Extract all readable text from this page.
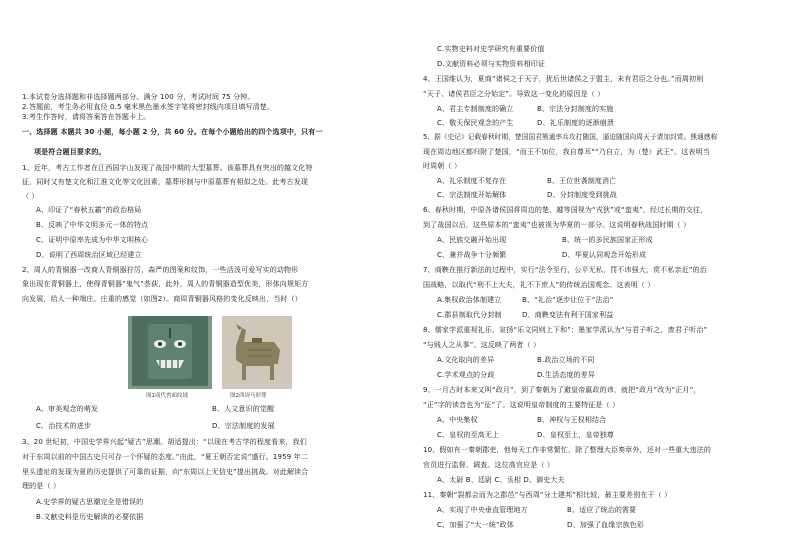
1.本试卷分选择题和非选择题两部分。满分 100 分，考试时间 75 分钟。
2.答题前，考生务必用直径 0.5 毫米黑色墨水签字笔将密封线内项目填写清楚。
3.考生作答时，请将答案答在答题卡上。
一、选择题 本题共 30 小题，每小题 2 分，共 60 分。在每个小题给出的四个选项中，只有一
项是符合题目要求的。
1、近年，考古工作者在江西国字山发现了战国中期的大型墓葬。该墓葬具有突出的越文化特
征，同时又有楚文化和江淮文化等文化因素，墓葬形制与中原墓葬有相似之处。此考古发现
（ ）
A、印证了“春秋五霸”的政治格局
B、反映了中华文明多元一体的特点
C、证明中原率先成为中华文明核心
D、说明了西周统治区域已经建立
2、周人的青铜器一改商人青铜器狞厉、森严的图案和纹饰，一些活泼可爱写实的动物形
象出现在青铜器上，使得青铜器“鬼气”荟荻，此外，周人的青铜器造型优美，形体向规矩方
向发展，给人一种端庄、庄重的感觉（如图2）。商周青铜器风格的变化反映出，当时（）
图1商代兽面纹钺	图2西周马形尊
A、审美观念的萌发	B、人文意识的觉醒
C、治技术的进步	D、宗法制度的发展
3、20 世纪初，中国史学界兴起“疑古”思潮。胡适提出：“以现在考古学的程度看来，我们
对于东周以前的中国古史只可存一个怀疑的态度。”由此，“夏王朝否定说”盛行。1959 年二
里头遗址的发现为夏的历史提供了可靠的证据，向“东周以上无信史”提出挑战。对此解读合
理的是（ ）
A.史学界的疑古思潮完全是错误的
B.文献史料是历史解读的必要依据
C.实物史料对史学研究有重要价值
D.文献资料必须与实物资料相印证
4、王国维认为，夏商“诸侯之于天子，犹后世诸侯之于盟主，未有君臣之分也。”而周初则
“天子、诸侯君臣之分始定”。导致这一变化的原因是（ ）
A、君主专制制度的确立	B、宗法分封制度的实施
C、敬天保民观念的产生	D、礼乐制度的逐渐崩溃
5、据《史记》记载春秋时期，楚国国君熊通率兵攻打随国，逼迫随国向周天子请加封赏。熊通感称
现在周边地区都归附了楚国，“而王不加位，我自尊耳”“乃自立，为（楚）武王”。这表明当
时周朝（ ）
A、礼乐制度不复存在	B、王位世袭制度消亡
C、宗法制度开始解体	D、分封制度受到挑战
6、春秋时期，中原各诸侯国将周边的楚、越等国视为“戎狄”或“蛮夷”，经过长期的交往，
到了战国以后，这些原本的“蛮夷”也被视为华夏的一部分。这说明春秋战国时期（ ）
A、民族交融开始出现	B、统一的多民族国家正形成
C、兼并战争十分频繁	D、华夏认同观念开始形成
7、商鞅在推行新法的过程中，实行“法令至行，公平无私，罚不讳强大，赏不私亲近”的治
国战略，以取代“刑不上大夫，礼不下庶人”的传统治国观念。这表明（ ）
A.集权政治体制建立	B、“礼治”逐步让位于“法治”
C.郡县制取代分封制	D、商鞅变法有利于国家利益
8、儒家学派重视礼乐，宣扬“乐文同则上下和”；墨家学派认为“与君子听之，废君子听治”
“与贱人之从事”。这反映了两者（ ）
A.文化取向的差异	B.政治立场的不同
C.学术观点的分歧	D.生活态度的差异
9、一月古时本来又叫“政月”，到了秦朝为了避皇帝嬴政的讳，就把“政月”改为“正月”，
“正”字的读音也为“征”了。这说明皇帝制度的主要特征是（ ）
A、中央集权	B、神权与王权相结合
C、皇权的至高无上	D、皇权至上，皇帝独尊
10、假如有一秦朝郡吏，他每天工作非常繁忙，除了整理大臣奏章外，还对一些重大违法的
官员进行监督、调查。这位高官应是（ ）
A、太尉 B、廷尉 C、丞相 D、御史大夫
11、秦朝“裂都会而为之郡邑”与西周“分土建邦”相比较，最主要差别在于（ ）
A、实现了中央垂直管理地方	B、适应了统治的需要
C、加强了“大一统”政体	D、加强了血缘宗族色彩
